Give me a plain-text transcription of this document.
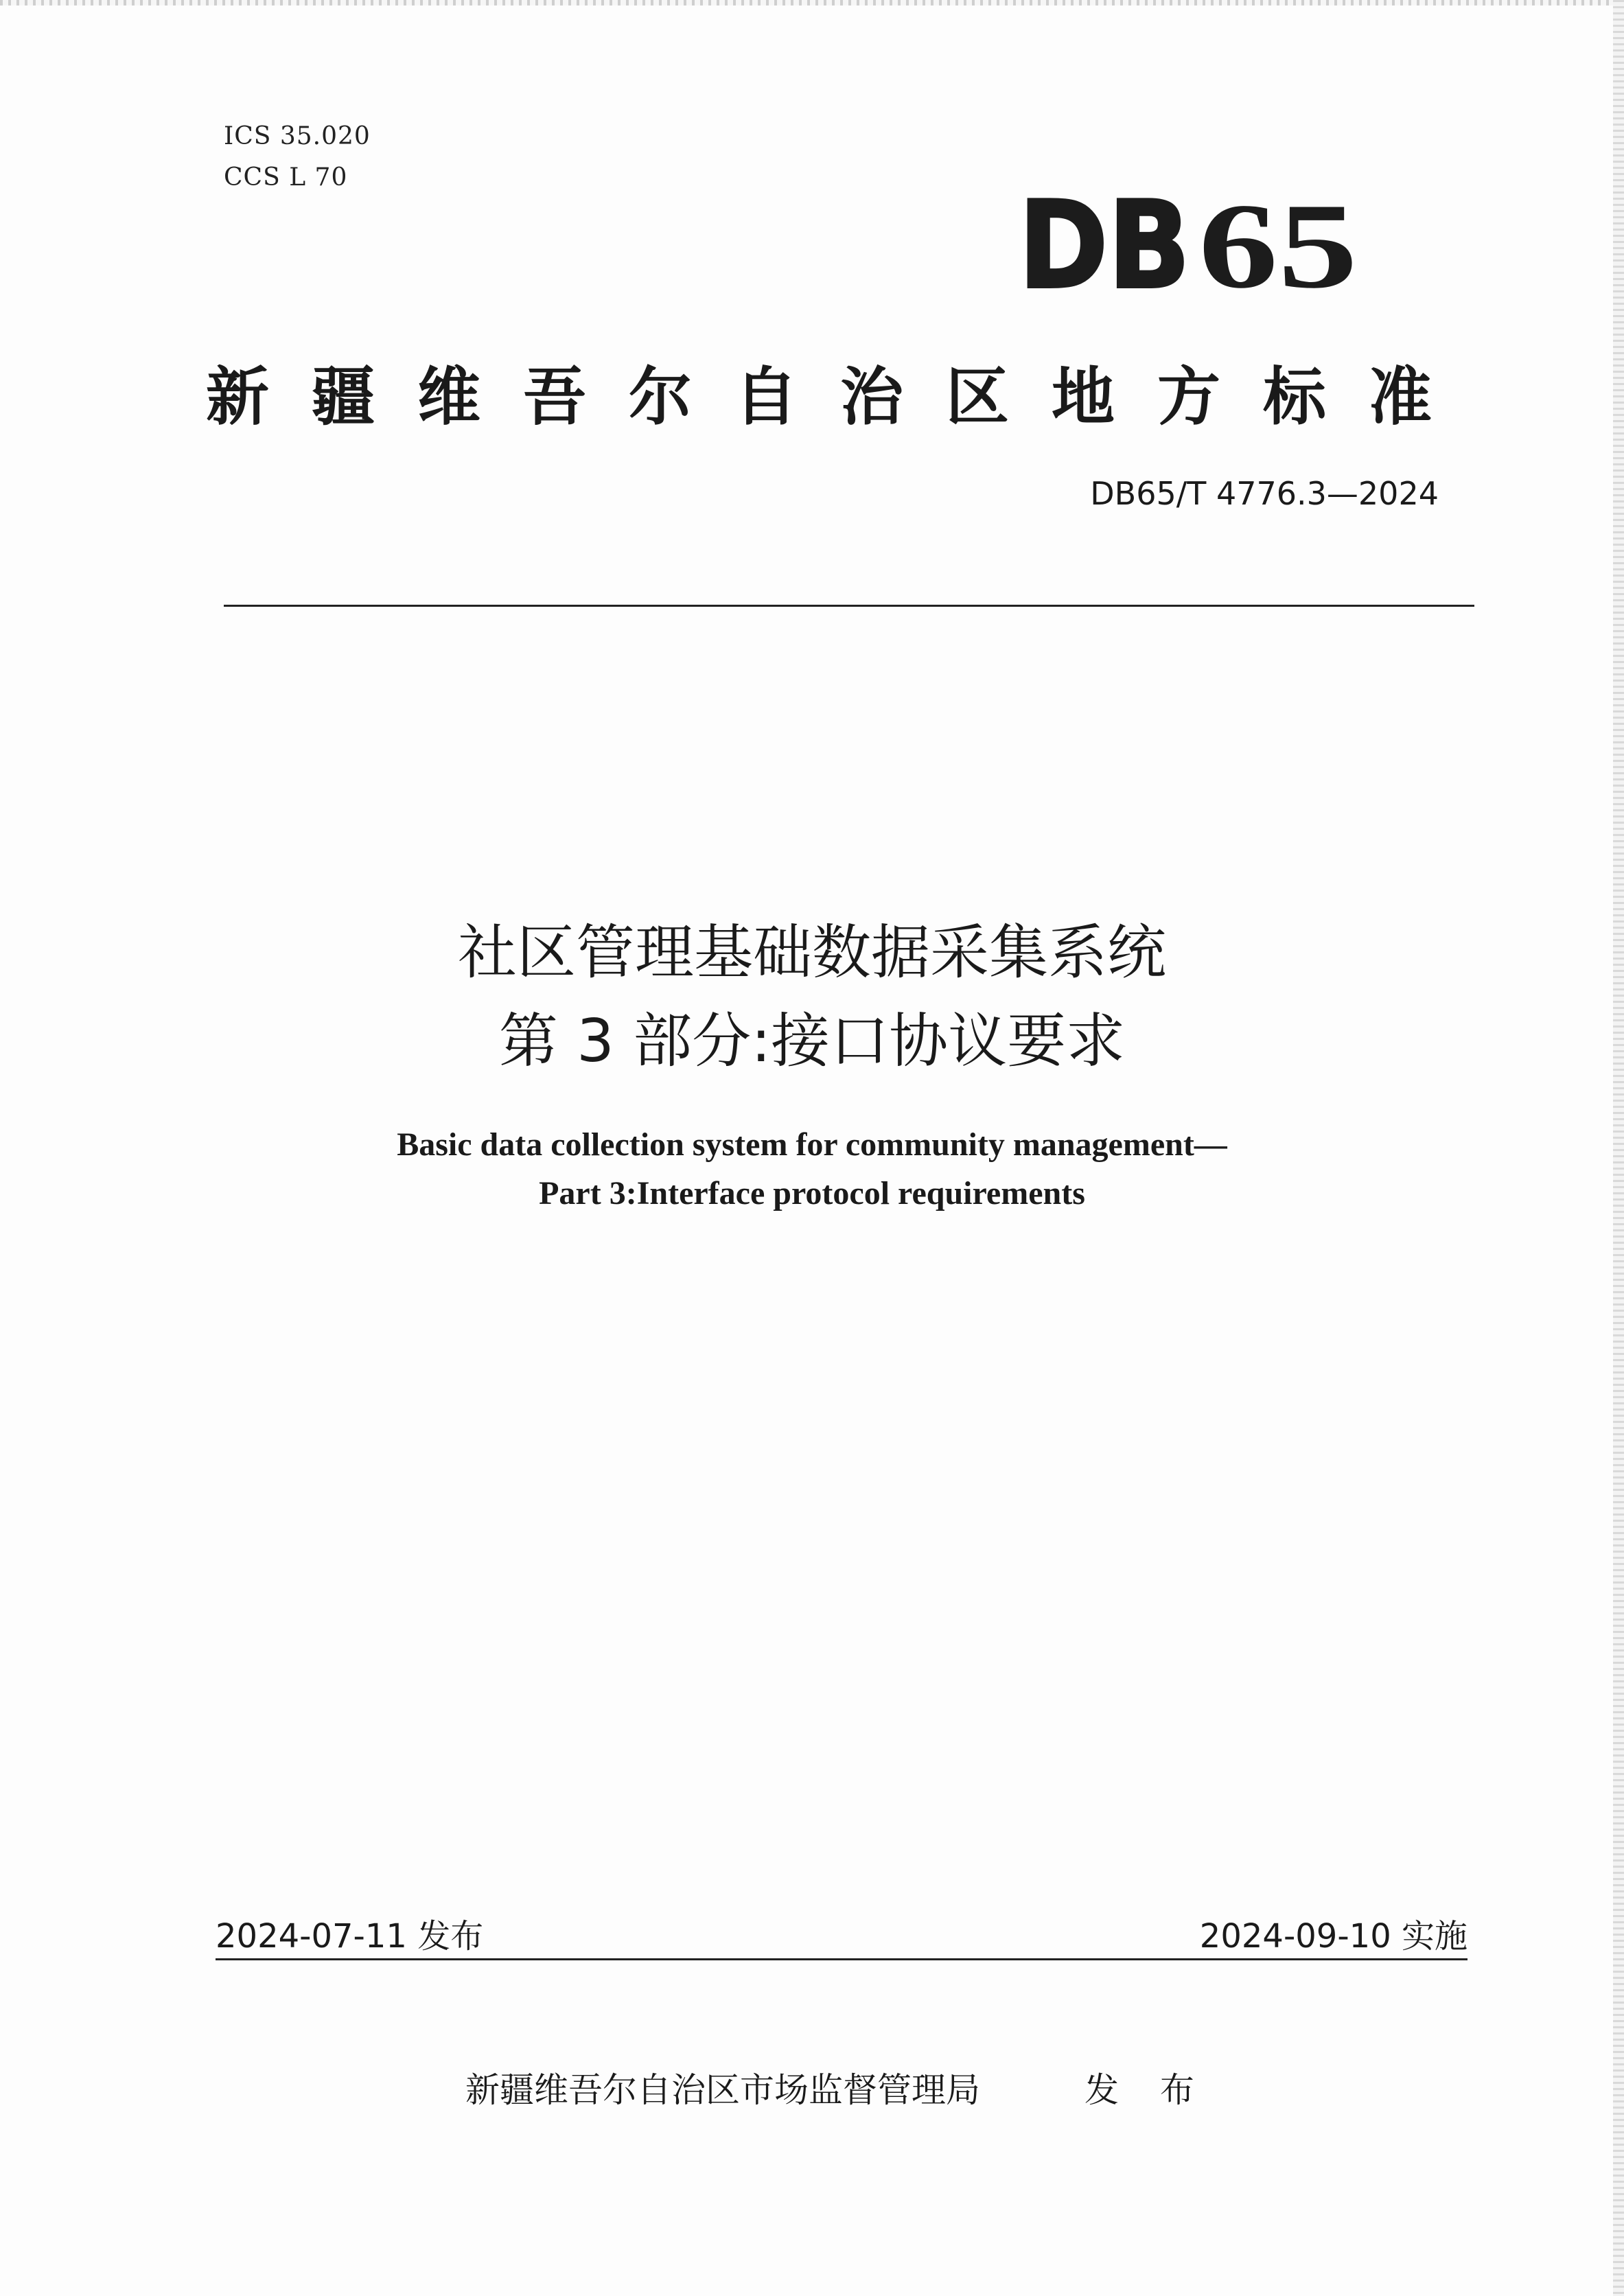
ICS 35.020
CCS L 70	DB 65
新疆维吾尔自治区地方标准
DB65/T 4776.3—2024
社区管理基础数据采集系统
第 3 部分:接口协议要求
Basic data collection system for community management—
Part 3:Interface protocol requirements
2024-07-11 发布	2024-09-10 实施
新疆维吾尔自治区市场监督管理局	发 布
